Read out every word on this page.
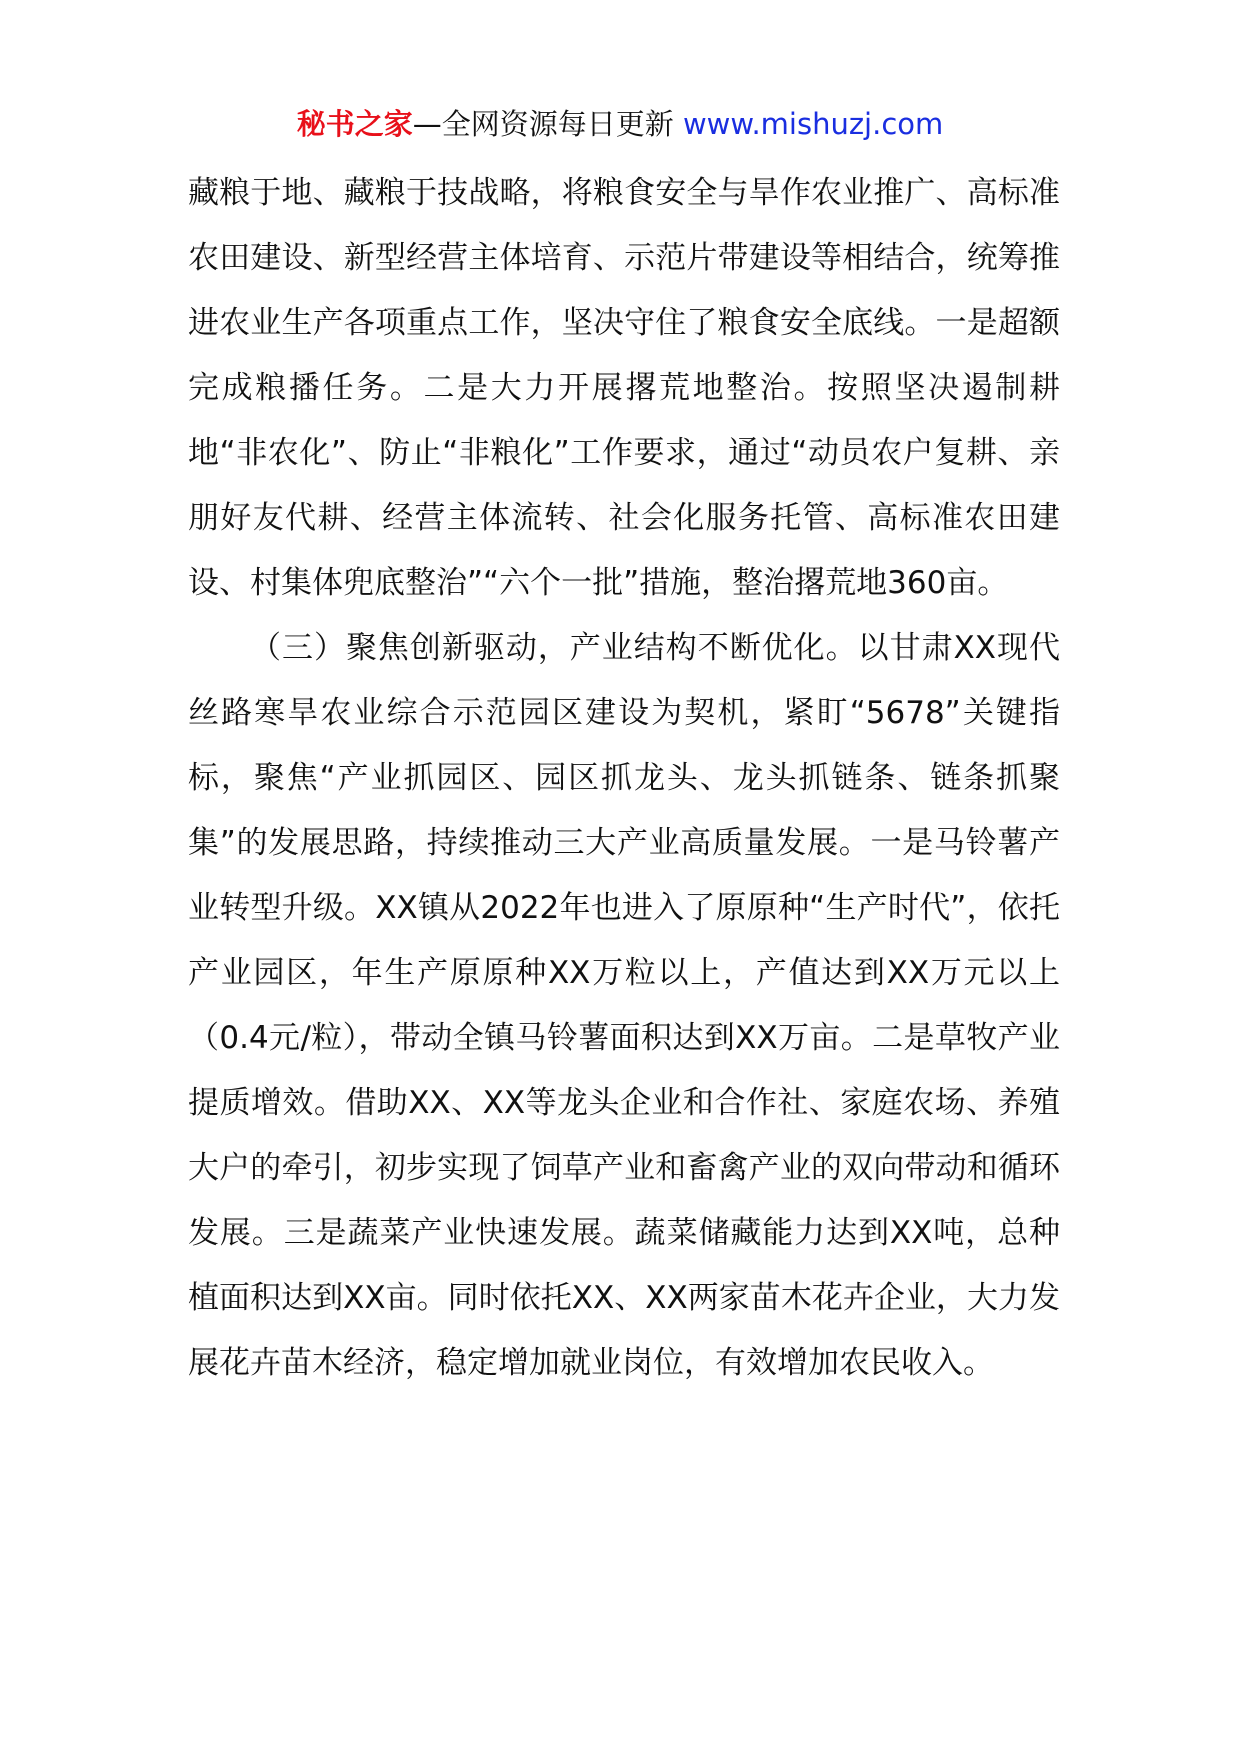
秘书之家—全网资源每日更新 www.mishuzj.com

藏粮于地、藏粮于技战略，将粮食安全与旱作农业推广、高标准农田建设、新型经营主体培育、示范片带建设等相结合，统筹推进农业生产各项重点工作，坚决守住了粮食安全底线。一是超额完成粮播任务。二是大力开展撂荒地整治。按照坚决遏制耕地“非农化”、防止“非粮化”工作要求，通过“动员农户复耕、亲朋好友代耕、经营主体流转、社会化服务托管、高标准农田建设、村集体兜底整治”“六个一批”措施，整治撂荒地360亩。

（三）聚焦创新驱动，产业结构不断优化。以甘肃XX现代丝路寒旱农业综合示范园区建设为契机，紧盯“5678”关键指标，聚焦“产业抓园区、园区抓龙头、龙头抓链条、链条抓聚集”的发展思路，持续推动三大产业高质量发展。一是马铃薯产业转型升级。XX镇从2022年也进入了原原种“生产时代”，依托产业园区，年生产原原种XX万粒以上，产值达到XX万元以上（0.4元/粒），带动全镇马铃薯面积达到XX万亩。二是草牧产业提质增效。借助XX、XX等龙头企业和合作社、家庭农场、养殖大户的牵引，初步实现了饲草产业和畜禽产业的双向带动和循环发展。三是蔬菜产业快速发展。蔬菜储藏能力达到XX吨，总种植面积达到XX亩。同时依托XX、XX两家苗木花卉企业，大力发展花卉苗木经济，稳定增加就业岗位，有效增加农民收入。
